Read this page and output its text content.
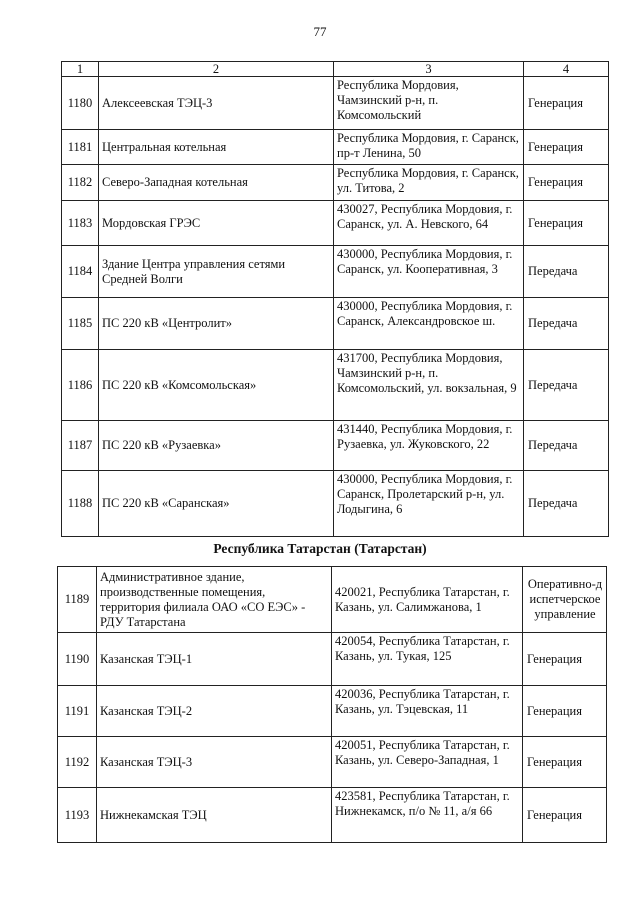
77
1	2	3	4
1180	Алексеевская ТЭЦ-3	Республика Мордовия, Чамзинский р-н, п. Комсомольский	Генерация
1181	Центральная котельная	Республика Мордовия, г. Саранск, пр-т Ленина, 50	Генерация
1182	Северо-Западная котельная	Республика Мордовия, г. Саранск, ул. Титова, 2	Генерация
1183	Мордовская ГРЭС	430027, Республика Мордовия, г. Саранск, ул. А. Невского, 64	Генерация
1184	Здание Центра управления сетями Средней Волги	430000, Республика Мордовия, г. Саранск, ул. Кооперативная, 3	Передача
1185	ПС 220 кВ «Центролит»	430000, Республика Мордовия, г. Саранск, Александровское ш.	Передача
1186	ПС 220 кВ «Комсомольская»	431700, Республика Мордовия, Чамзинский р-н, п. Комсомольский, ул. вокзальная, 9	Передача
1187	ПС 220 кВ «Рузаевка»	431440, Республика Мордовия, г. Рузаевка, ул. Жуковского, 22	Передача
1188	ПС 220 кВ «Саранская»	430000, Республика Мордовия, г. Саранск, Пролетарский р-н, ул. Лодыгина, 6	Передача
Республика Татарстан (Татарстан)
1189	Административное здание, производственные помещения, территория филиала ОАО «СО ЕЭС» - РДУ Татарстана	420021, Республика Татарстан, г. Казань, ул. Салимжанова, 1	Оперативно-диспетчерское управление
1190	Казанская ТЭЦ-1	420054, Республика Татарстан, г. Казань, ул. Тукая, 125	Генерация
1191	Казанская ТЭЦ-2	420036, Республика Татарстан, г. Казань, ул. Тэцевская, 11	Генерация
1192	Казанская ТЭЦ-3	420051, Республика Татарстан, г. Казань, ул. Северо-Западная, 1	Генерация
1193	Нижнекамская ТЭЦ	423581, Республика Татарстан, г. Нижнекамск, п/о № 11, а/я 66	Генерация
